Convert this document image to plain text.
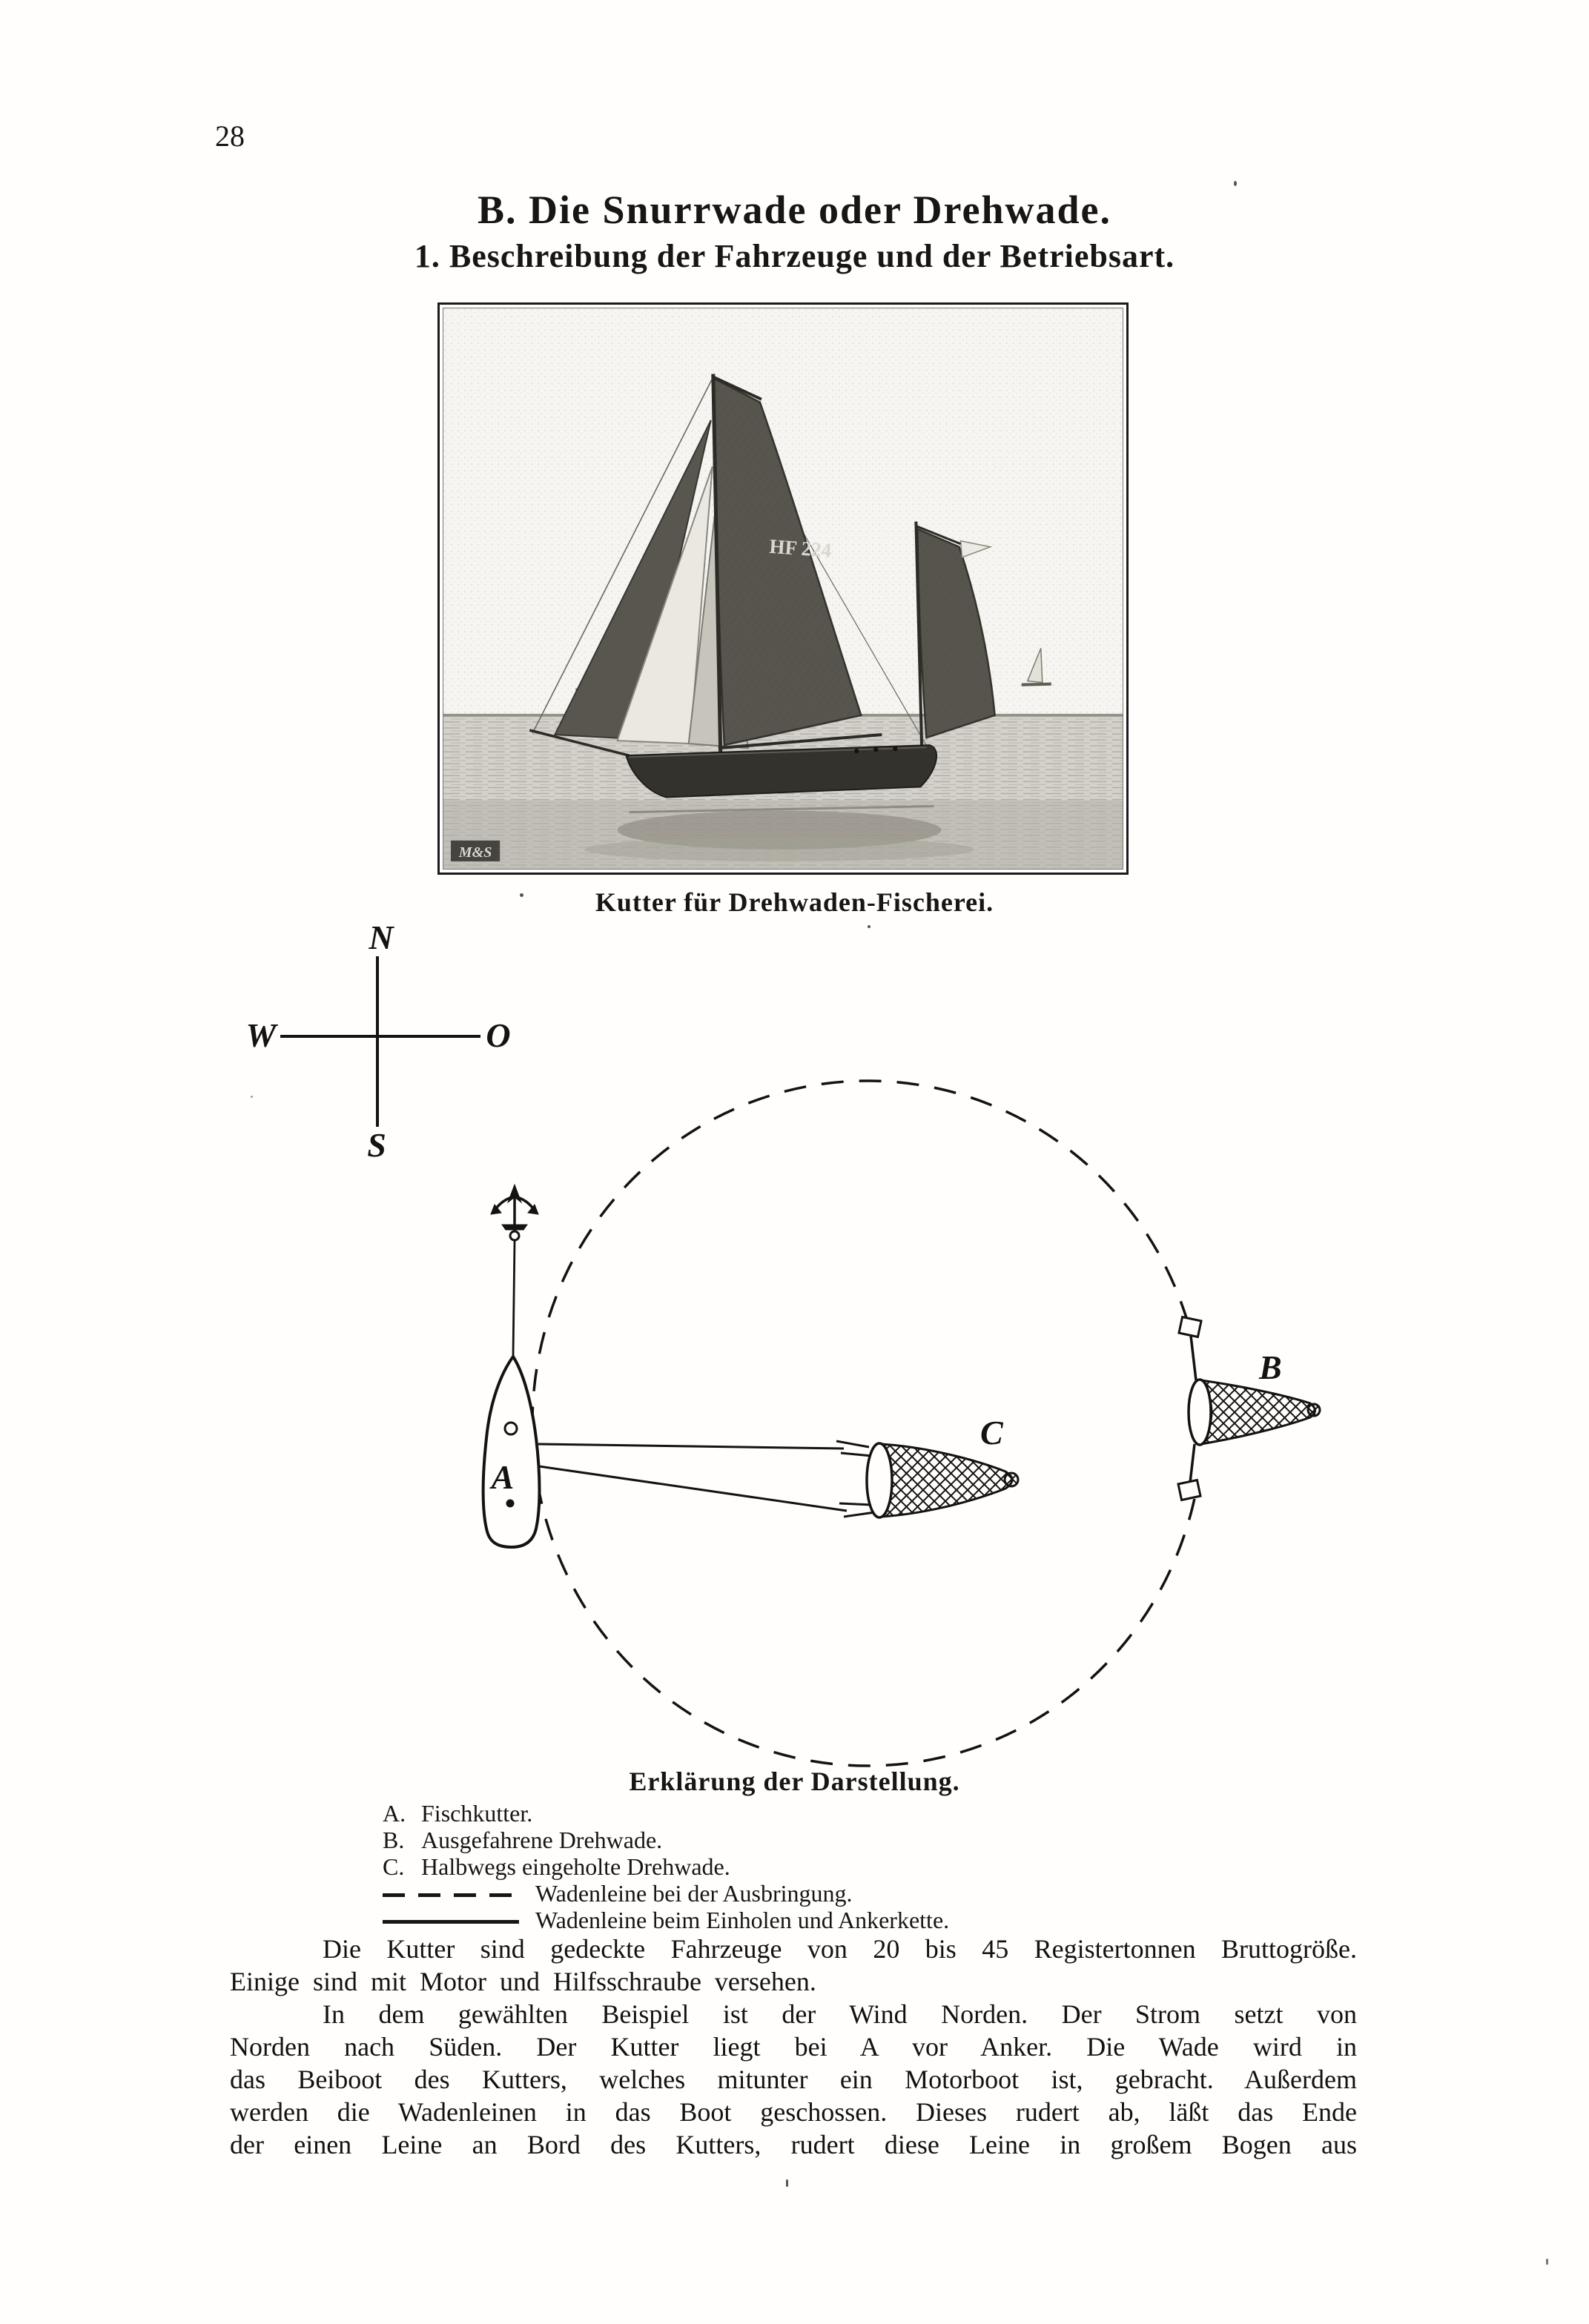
28
B. Die Snurrwade oder Drehwade.
1. Beschreibung der Fahrzeuge und der Betriebsart.
HF 224
M&S
Kutter für Drehwaden-Fischerei.
N
W	O
S
C
B
A
Erklärung der Darstellung.
A. Fischkutter.
B. Ausgefahrene Drehwade.
C. Halbwegs eingeholte Drehwade.
Wadenleine bei der Ausbringung.
Wadenleine beim Einholen und Ankerkette.
Die Kutter sind gedeckte Fahrzeuge von 20 bis 45 Registertonnen Bruttogröße.
Einige sind mit Motor und Hilfsschraube versehen.
In dem gewählten Beispiel ist der Wind Norden. Der Strom setzt von
Norden nach Süden. Der Kutter liegt bei A vor Anker. Die Wade wird in
das Beiboot des Kutters, welches mitunter ein Motorboot ist, gebracht. Außerdem
werden die Wadenleinen in das Boot geschossen. Dieses rudert ab, läßt das Ende
der einen Leine an Bord des Kutters, rudert diese Leine in großem Bogen aus
